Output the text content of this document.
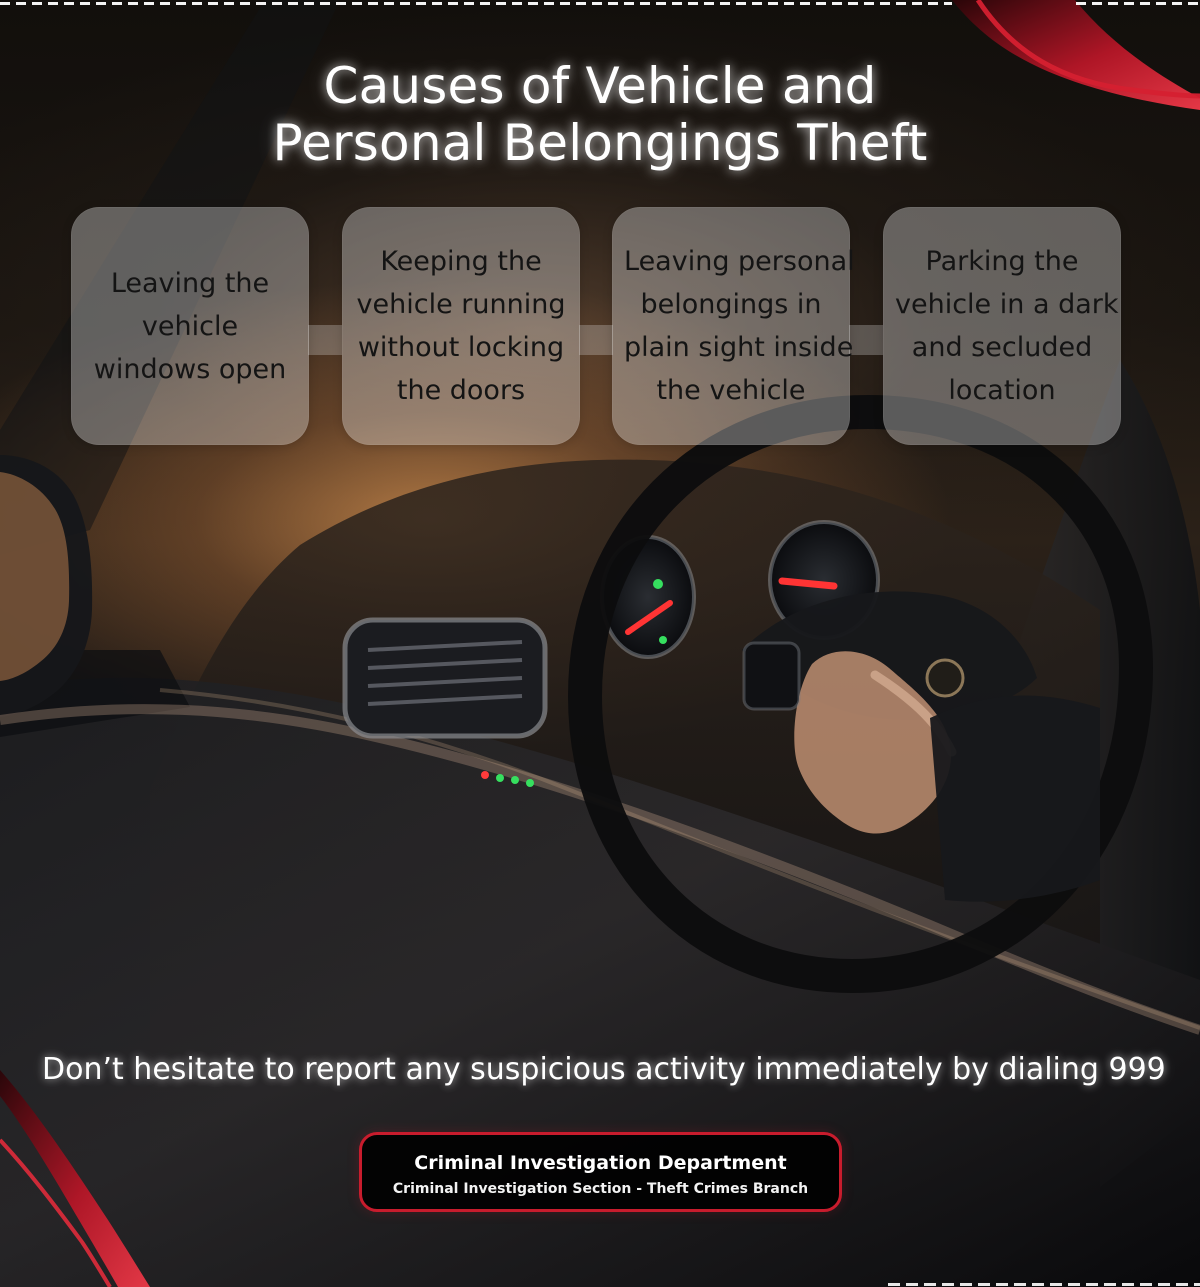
Causes of Vehicle and
Personal Belongings Theft
Leaving the
vehicle
windows open
Keeping the
vehicle running
without locking
the doors
Leaving personal
belongings in
plain sight inside
the vehicle
Parking the
vehicle in a dark
and secluded
location

Don’t hesitate to report any suspicious activity immediately by dialing 999

Criminal Investigation Department
Criminal Investigation Section - Theft Crimes Branch
